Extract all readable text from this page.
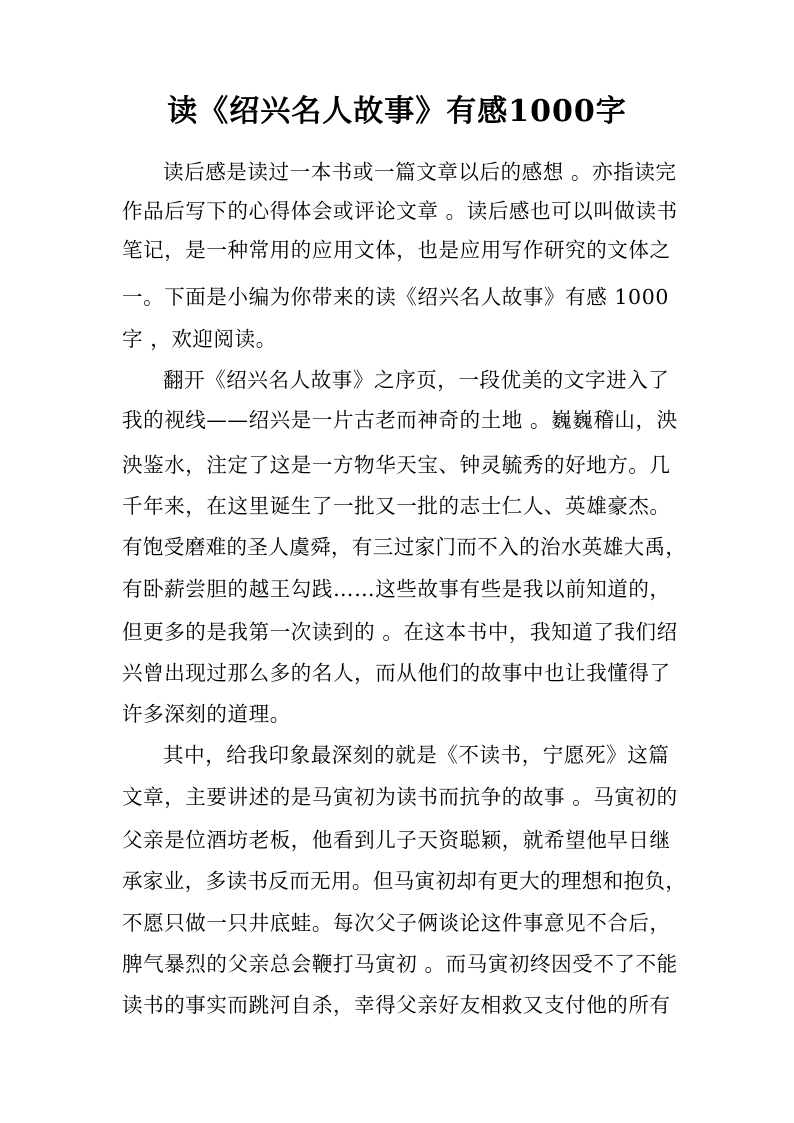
读《绍兴名人故事》有感1000字
读后感是读过一本书或一篇文章以后的感想 。亦指读完
作品后写下的心得体会或评论文章 。读后感也可以叫做读书
笔记，是一种常用的应用文体，也是应用写作研究的文体之
一。下面是小编为你带来的读《绍兴名人故事》有感 1000
字 ，欢迎阅读。
翻开《绍兴名人故事》之序页，一段优美的文字进入了
我的视线——绍兴是一片古老而神奇的土地 。巍巍稽山，泱
泱鉴水，注定了这是一方物华天宝、钟灵毓秀的好地方。几
千年来，在这里诞生了一批又一批的志士仁人、英雄豪杰。
有饱受磨难的圣人虞舜，有三过家门而不入的治水英雄大禹，
有卧薪尝胆的越王勾践……这些故事有些是我以前知道的，
但更多的是我第一次读到的 。在这本书中，我知道了我们绍
兴曾出现过那么多的名人，而从他们的故事中也让我懂得了
许多深刻的道理。
其中，给我印象最深刻的就是《不读书，宁愿死》这篇
文章，主要讲述的是马寅初为读书而抗争的故事 。马寅初的
父亲是位酒坊老板，他看到儿子天资聪颖，就希望他早日继
承家业，多读书反而无用。但马寅初却有更大的理想和抱负，
不愿只做一只井底蛙。每次父子俩谈论这件事意见不合后，
脾气暴烈的父亲总会鞭打马寅初 。而马寅初终因受不了不能
读书的事实而跳河自杀，幸得父亲好友相救又支付他的所有
